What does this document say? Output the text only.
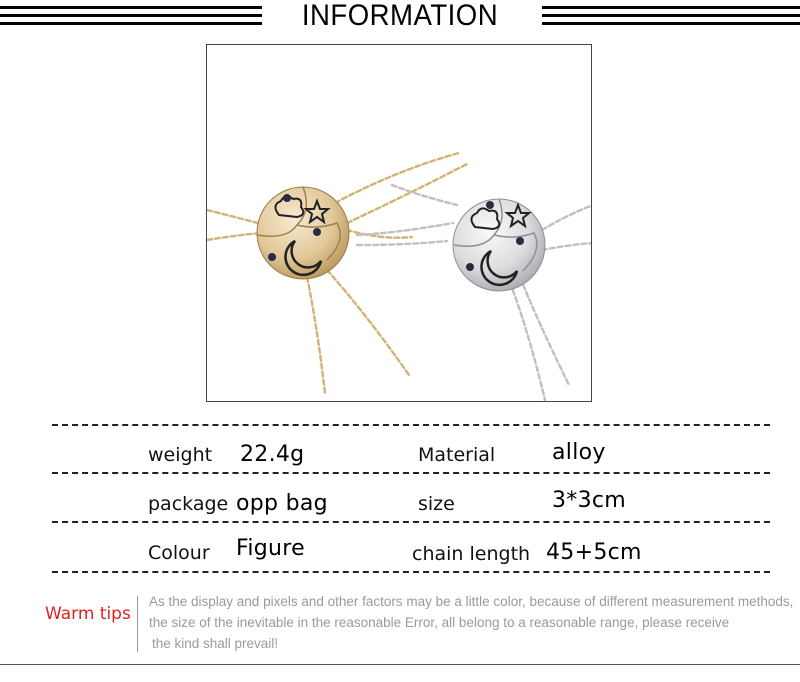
INFORMATION
weight 22.4g	Material	alloy
package opp bag	size	3*3cm
Colour Figure	chain length 45+5cm
Warm tips
As the display and pixels and other factors may be a little color, because of different measurement methods,
the size of the inevitable in the reasonable Error, all belong to a reasonable range, please receive
the kind shall prevail!
